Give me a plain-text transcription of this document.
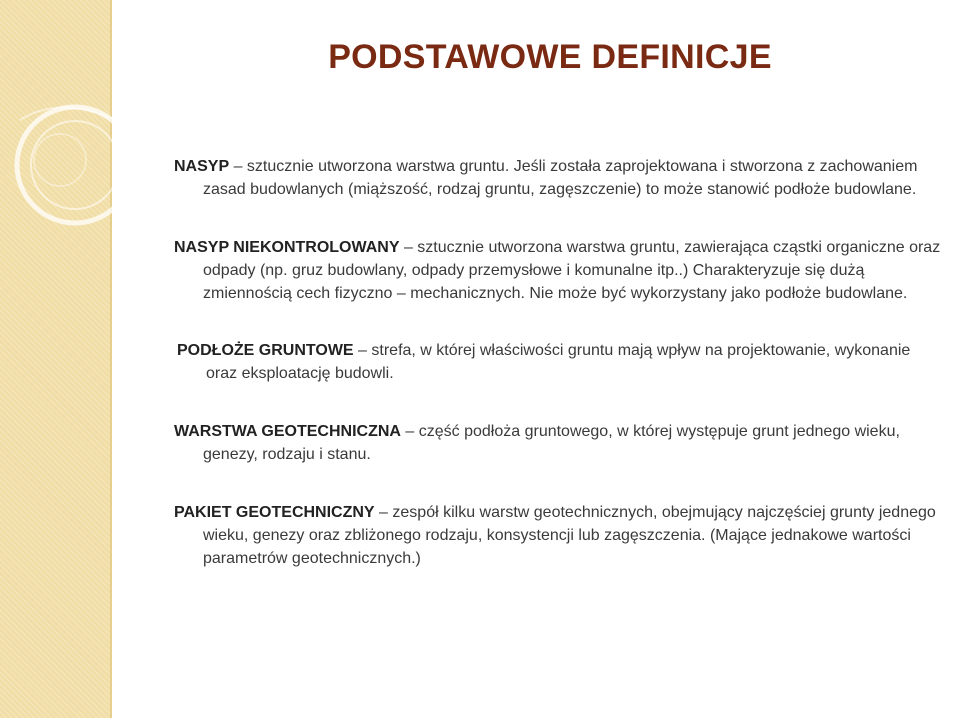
PODSTAWOWE DEFINICJE

NASYP – sztucznie utworzona warstwa gruntu. Jeśli została zaprojektowana i stworzona z zachowaniem zasad budowlanych (miąższość, rodzaj gruntu, zagęszczenie) to może stanowić podłoże budowlane.

NASYP NIEKONTROLOWANY – sztucznie utworzona warstwa gruntu, zawierająca cząstki organiczne oraz odpady (np. gruz budowlany, odpady przemysłowe i komunalne itp..) Charakteryzuje się dużą zmiennością cech fizyczno – mechanicznych. Nie może być wykorzystany jako podłoże budowlane.

PODŁOŻE GRUNTOWE – strefa, w której właściwości gruntu mają wpływ na projektowanie, wykonanie oraz eksploatację budowli.

WARSTWA GEOTECHNICZNA – część podłoża gruntowego, w której występuje grunt jednego wieku, genezy, rodzaju i stanu.

PAKIET GEOTECHNICZNY – zespół kilku warstw geotechnicznych, obejmujący najczęściej grunty jednego wieku, genezy oraz zbliżonego rodzaju, konsystencji lub zagęszczenia. (Mające jednakowe wartości parametrów geotechnicznych.)
